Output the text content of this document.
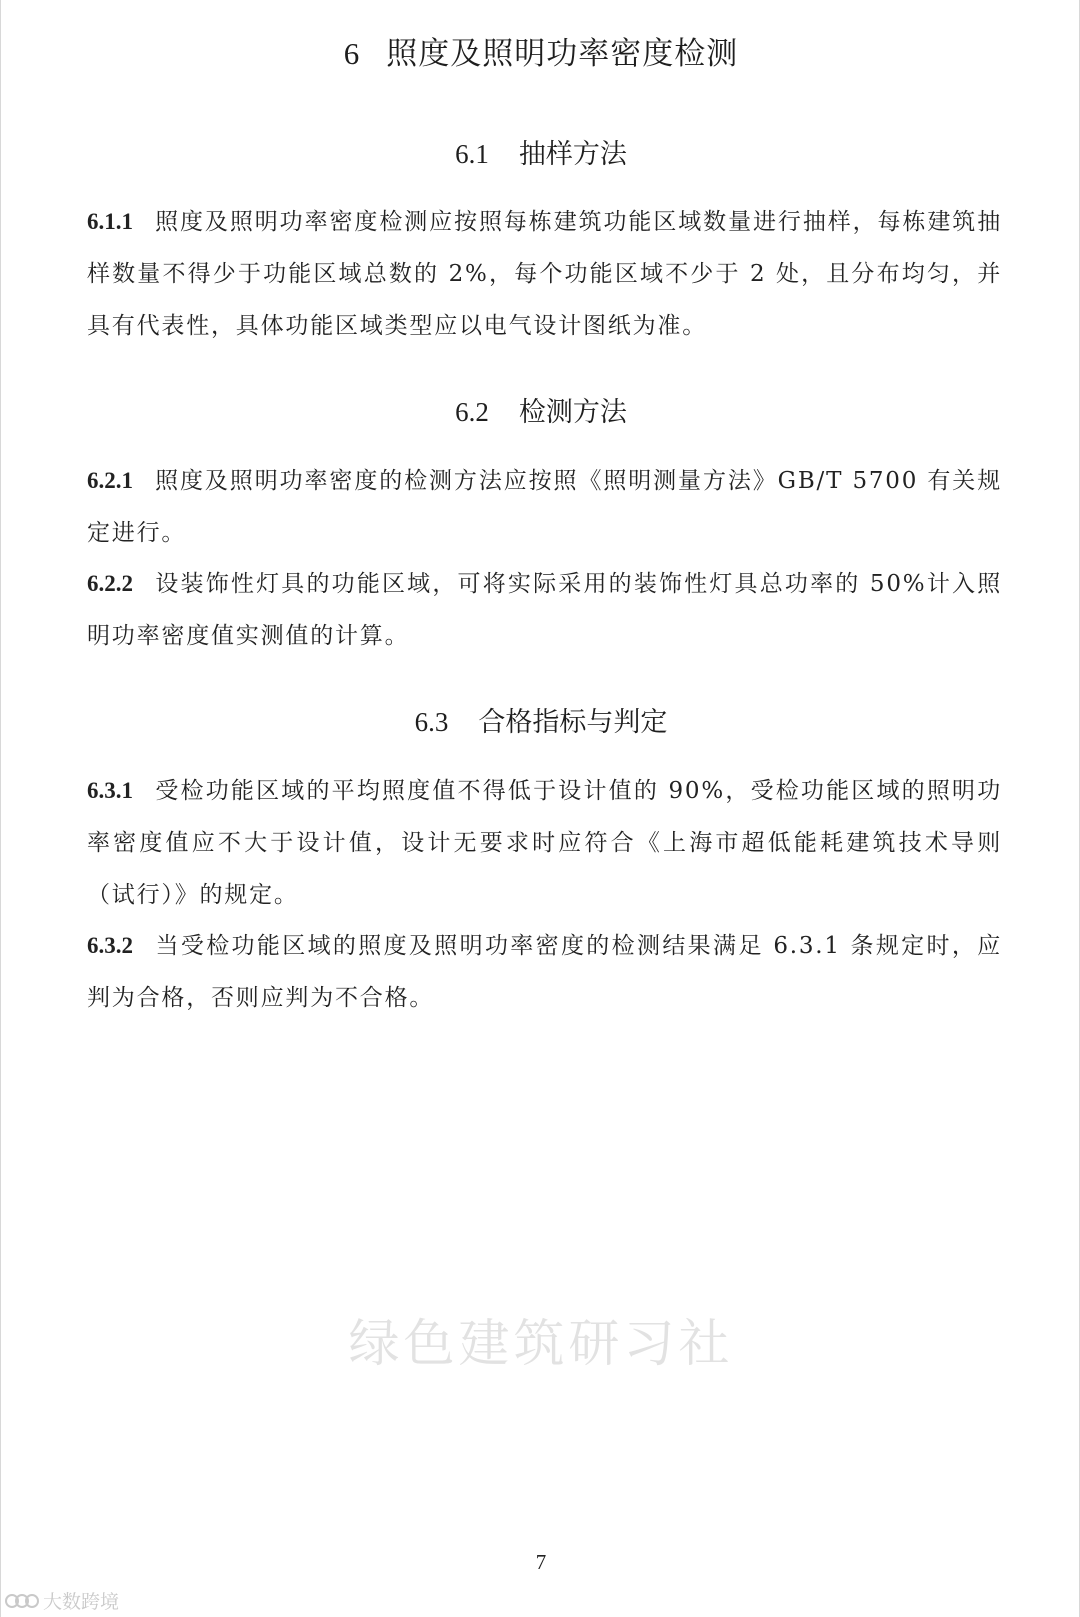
6 照度及照明功率密度检测
6.1 抽样方法
6.1.1 照度及照明功率密度检测应按照每栋建筑功能区域数量进行抽样，每栋建筑抽样数量不得少于功能区域总数的 2%，每个功能区域不少于 2 处，且分布均匀，并具有代表性，具体功能区域类型应以电气设计图纸为准。
6.2 检测方法
6.2.1 照度及照明功率密度的检测方法应按照《照明测量方法》GB/T 5700 有关规定进行。
6.2.2 设装饰性灯具的功能区域，可将实际采用的装饰性灯具总功率的 50%计入照明功率密度值实测值的计算。
6.3 合格指标与判定
6.3.1 受检功能区域的平均照度值不得低于设计值的 90%，受检功能区域的照明功率密度值应不大于设计值，设计无要求时应符合《上海市超低能耗建筑技术导则（试行）》的规定。
6.3.2 当受检功能区域的照度及照明功率密度的检测结果满足 6.3.1 条规定时，应判为合格，否则应判为不合格。
绿色建筑研习社
7
大数跨境
